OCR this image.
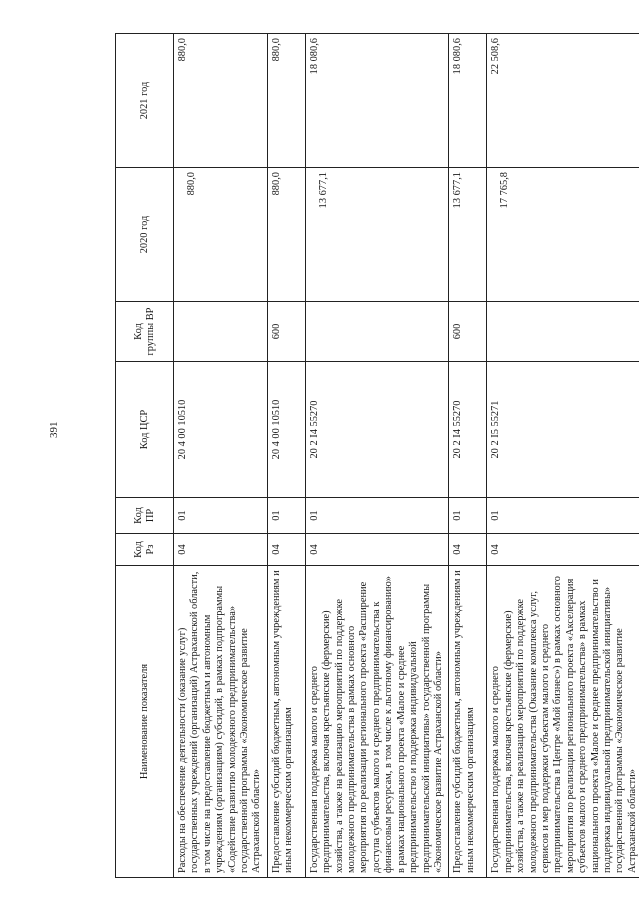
391
Наименование показателя	Код Рз	Код ПР	Код ЦСР	Код группы ВР	2020 год	2021 год
Расходы на обеспечение деятельности (оказание услуг) государственных учреждений (организаций) Астраханской области, в том числе на предоставление бюджетным и автономным учреждениям (организациям) субсидий, в рамках подпрограммы «Содействие развитию молодежного предпринимательства» государственной программы «Экономическое развитие Астраханской области»	04	01	20 4 00 10510		880,0	880,0
Предоставление субсидий бюджетным, автономным учреждениям и иным некоммерческим организациям	04	01	20 4 00 10510	600	880,0	880,0
Государственная поддержка малого и среднего предпринимательства, включая крестьянские (фермерские) хозяйства, а также на реализацию мероприятий по поддержке молодежного предпринимательства в рамках основного мероприятия по реализации регионального проекта «Расширение доступа субъектов малого и среднего предпринимательства к финансовым ресурсам, в том числе к льготному финансированию» в рамках национального проекта «Малое и среднее предпринимательство и поддержка индивидуальной предпринимательской инициативы» государственной программы «Экономическое развитие Астраханской области»	04	01	20 2 I4 55270		13 677,1	18 080,6
Предоставление субсидий бюджетным, автономным учреждениям и иным некоммерческим организациям	04	01	20 2 I4 55270	600	13 677,1	18 080,6
Государственная поддержка малого и среднего предпринимательства, включая крестьянские (фермерские) хозяйства, а также на реализацию мероприятий по поддержке молодежного предпринимательства (Оказание комплекса услуг, сервисов и мер поддержки субъектам малого и среднего предпринимательства в Центре «Мой бизнес») в рамках основного мероприятия по реализации регионального проекта «Акселерация субъектов малого и среднего предпринимательства» в рамках национального проекта «Малое и среднее предпринимательство и поддержка индивидуальной предпринимательской инициативы» государственной программы «Экономическое развитие Астраханской области»	04	01	20 2 I5 55271		17 765,8	22 508,6
